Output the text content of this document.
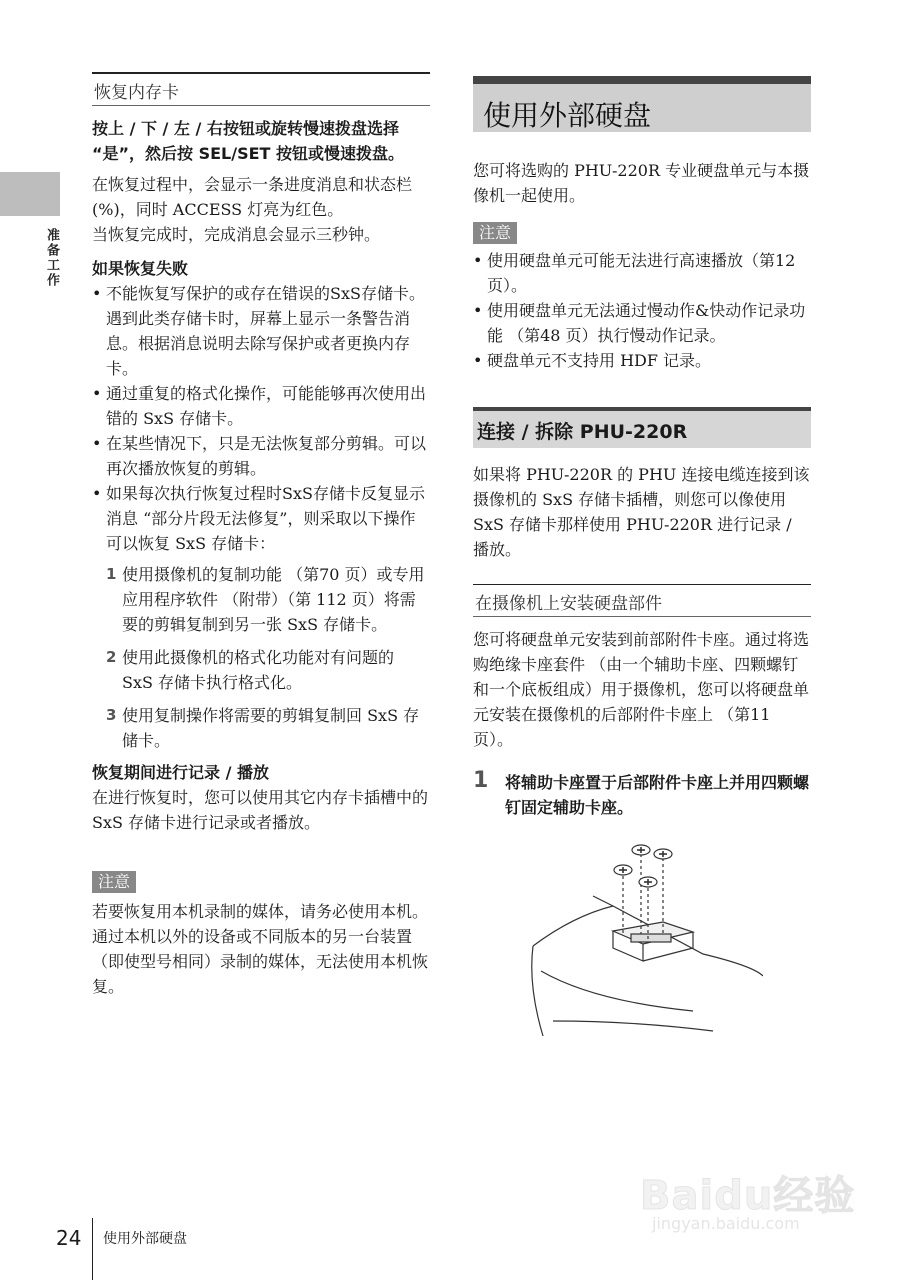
准备工作
恢复内存卡
按上 / 下 / 左 / 右按钮或旋转慢速拨盘选择 “是”，然后按 SEL/SET 按钮或慢速拨盘。

在恢复过程中，会显示一条进度消息和状态栏 (%)，同时 ACCESS 灯亮为红色。

当恢复完成时，完成消息会显示三秒钟。

如果恢复失败
• 不能恢复写保护的或存在错误的SxS存储卡。遇到此类存储卡时，屏幕上显示一条警告消息。根据消息说明去除写保护或者更换内存卡。
• 通过重复的格式化操作，可能能够再次使用出错的 SxS 存储卡。
• 在某些情况下，只是无法恢复部分剪辑。可以再次播放恢复的剪辑。
• 如果每次执行恢复过程时SxS存储卡反复显示消息 “部分片段无法修复”，则采取以下操作可以恢复 SxS 存储卡：
1 使用摄像机的复制功能 （第70 页）或专用应用程序软件 （附带）（第 112 页）将需要的剪辑复制到另一张 SxS 存储卡。
2 使用此摄像机的格式化功能对有问题的 SxS 存储卡执行格式化。
3 使用复制操作将需要的剪辑复制回 SxS 存储卡。
恢复期间进行记录 / 播放

在进行恢复时，您可以使用其它内存卡插槽中的 SxS 存储卡进行记录或者播放。

注意

若要恢复用本机录制的媒体，请务必使用本机。通过本机以外的设备或不同版本的另一台装置 （即使型号相同）录制的媒体，无法使用本机恢复。

使用外部硬盘

您可将选购的 PHU-220R 专业硬盘单元与本摄像机一起使用。

注意
• 使用硬盘单元可能无法进行高速播放（第12 页）。
• 使用硬盘单元无法通过慢动作&快动作记录功能 （第48 页）执行慢动作记录。
• 硬盘单元不支持用 HDF 记录。
连接 / 拆除 PHU-220R

如果将 PHU-220R 的 PHU 连接电缆连接到该摄像机的 SxS 存储卡插槽，则您可以像使用 SxS 存储卡那样使用 PHU-220R 进行记录 / 播放。

在摄像机上安装硬盘部件

您可将硬盘单元安装到前部附件卡座。通过将选购绝缘卡座套件 （由一个辅助卡座、四颗螺钉和一个底板组成）用于摄像机，您可以将硬盘单元安装在摄像机的后部附件卡座上 （第11 页）。

1 将辅助卡座置于后部附件卡座上并用四颗螺钉固定辅助卡座。
24 使用外部硬盘
Baidu经验
jingyan.baidu.com
